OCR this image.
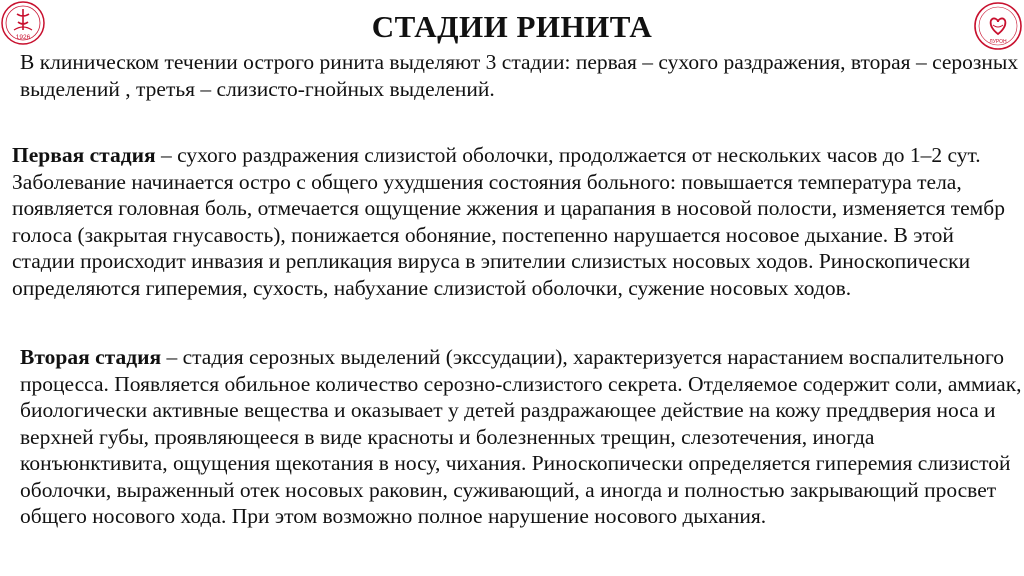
1926
ЛУРОН
СТАДИИ РИНИТА

В клиническом течении острого ринита выделяют 3 стадии: первая – сухого раздражения, вторая – серозных выделений , третья – слизисто-гнойных выделений.

Первая стадия – сухого раздражения слизистой оболочки, продолжается от нескольких часов до 1–2 сут. Заболевание начинается остро с общего ухудшения состояния больного: повышается температура тела, появляется головная боль, отмечается ощущение жжения и царапания в носовой полости, изменяется тембр голоса (закрытая гнусавость), понижается обоняние, постепенно нарушается носовое дыхание. В этой стадии происходит инвазия и репликация вируса в эпителии слизистых носовых ходов. Риноскопически определяются гиперемия, сухость, набухание слизистой оболочки, сужение носовых ходов.

Вторая стадия – стадия серозных выделений (экссудации), характеризуется нарастанием воспалительного процесса. Появляется обильное количество серозно-слизистого секрета. Отделяемое содержит соли, аммиак, биологически активные вещества и оказывает у детей раздражающее действие на кожу преддверия носа и верхней губы, проявляющееся в виде красноты и болезненных трещин, слезотечения, иногда конъюнктивита, ощущения щекотания в носу, чихания. Риноскопически определяется гиперемия слизистой оболочки, выраженный отек носовых раковин, суживающий, а иногда и полностью закрывающий просвет общего носового хода. При этом возможно полное нарушение носового дыхания.
